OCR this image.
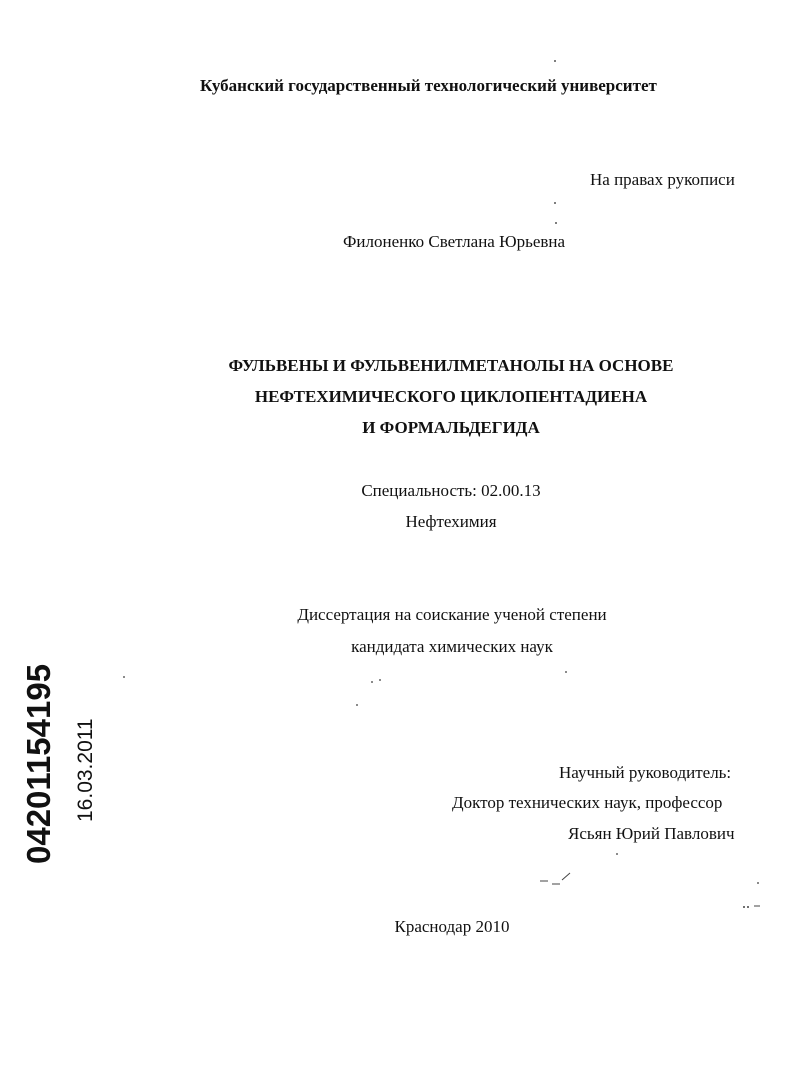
Кубанский государственный технологический университет
На правах рукописи
Филоненко Светлана Юрьевна
ФУЛЬВЕНЫ И ФУЛЬВЕНИЛМЕТАНОЛЫ НА ОСНОВЕ
НЕФТЕХИМИЧЕСКОГО ЦИКЛОПЕНТАДИЕНА
И ФОРМАЛЬДЕГИДА
Специальность: 02.00.13
Нефтехимия
Диссертация на соискание ученой степени
кандидата химических наук
Научный руководитель:
Доктор технических наук, профессор
Ясьян Юрий Павлович
Краснодар 2010
04201154195 16.03.2011
